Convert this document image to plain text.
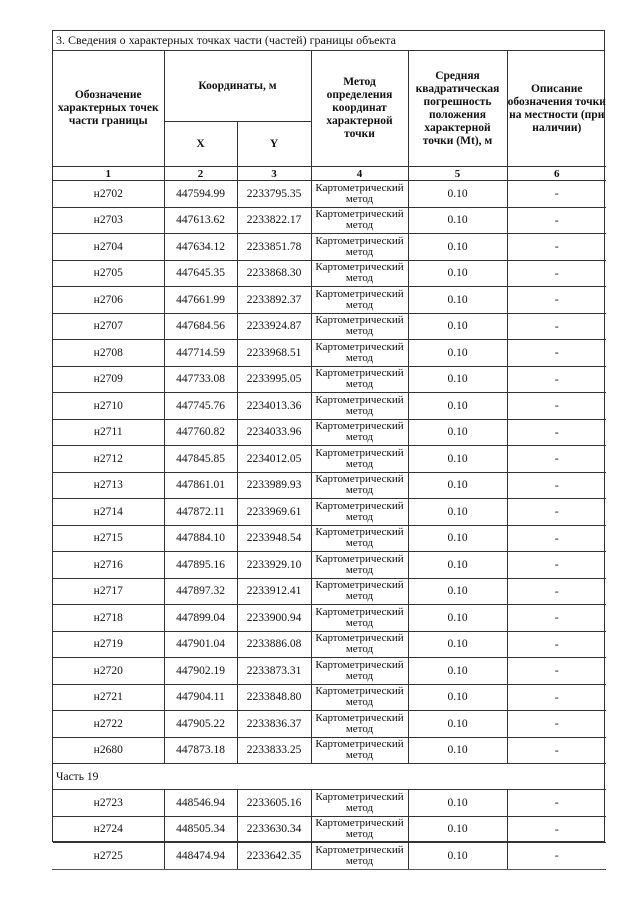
3. Сведения о характерных точках части (частей) границы объекта
Обозначение характерных точек части границы	Координаты, м		Метод определения координат характерной точки	Средняя квадратическая погрешность положения характерной точки (Mt), м	Описание обозначения точки на местности (при наличии)
	X	Y			
1	2	3	4	5	6
н2702	447594.99	2233795.35	Картометрический метод	0.10	-
н2703	447613.62	2233822.17	Картометрический метод	0.10	-
н2704	447634.12	2233851.78	Картометрический метод	0.10	-
н2705	447645.35	2233868.30	Картометрический метод	0.10	-
н2706	447661.99	2233892.37	Картометрический метод	0.10	-
н2707	447684.56	2233924.87	Картометрический метод	0.10	-
н2708	447714.59	2233968.51	Картометрический метод	0.10	-
н2709	447733.08	2233995.05	Картометрический метод	0.10	-
н2710	447745.76	2234013.36	Картометрический метод	0.10	-
н2711	447760.82	2234033.96	Картометрический метод	0.10	-
н2712	447845.85	2234012.05	Картометрический метод	0.10	-
н2713	447861.01	2233989.93	Картометрический метод	0.10	-
н2714	447872.11	2233969.61	Картометрический метод	0.10	-
н2715	447884.10	2233948.54	Картометрический метод	0.10	-
н2716	447895.16	2233929.10	Картометрический метод	0.10	-
н2717	447897.32	2233912.41	Картометрический метод	0.10	-
н2718	447899.04	2233900.94	Картометрический метод	0.10	-
н2719	447901.04	2233886.08	Картометрический метод	0.10	-
н2720	447902.19	2233873.31	Картометрический метод	0.10	-
н2721	447904.11	2233848.80	Картометрический метод	0.10	-
н2722	447905.22	2233836.37	Картометрический метод	0.10	-
н2680	447873.18	2233833.25	Картометрический метод	0.10	-
Часть 19					
н2723	448546.94	2233605.16	Картометрический метод	0.10	-
н2724	448505.34	2233630.34	Картометрический метод	0.10	-
н2725	448474.94	2233642.35	Картометрический метод	0.10	-
